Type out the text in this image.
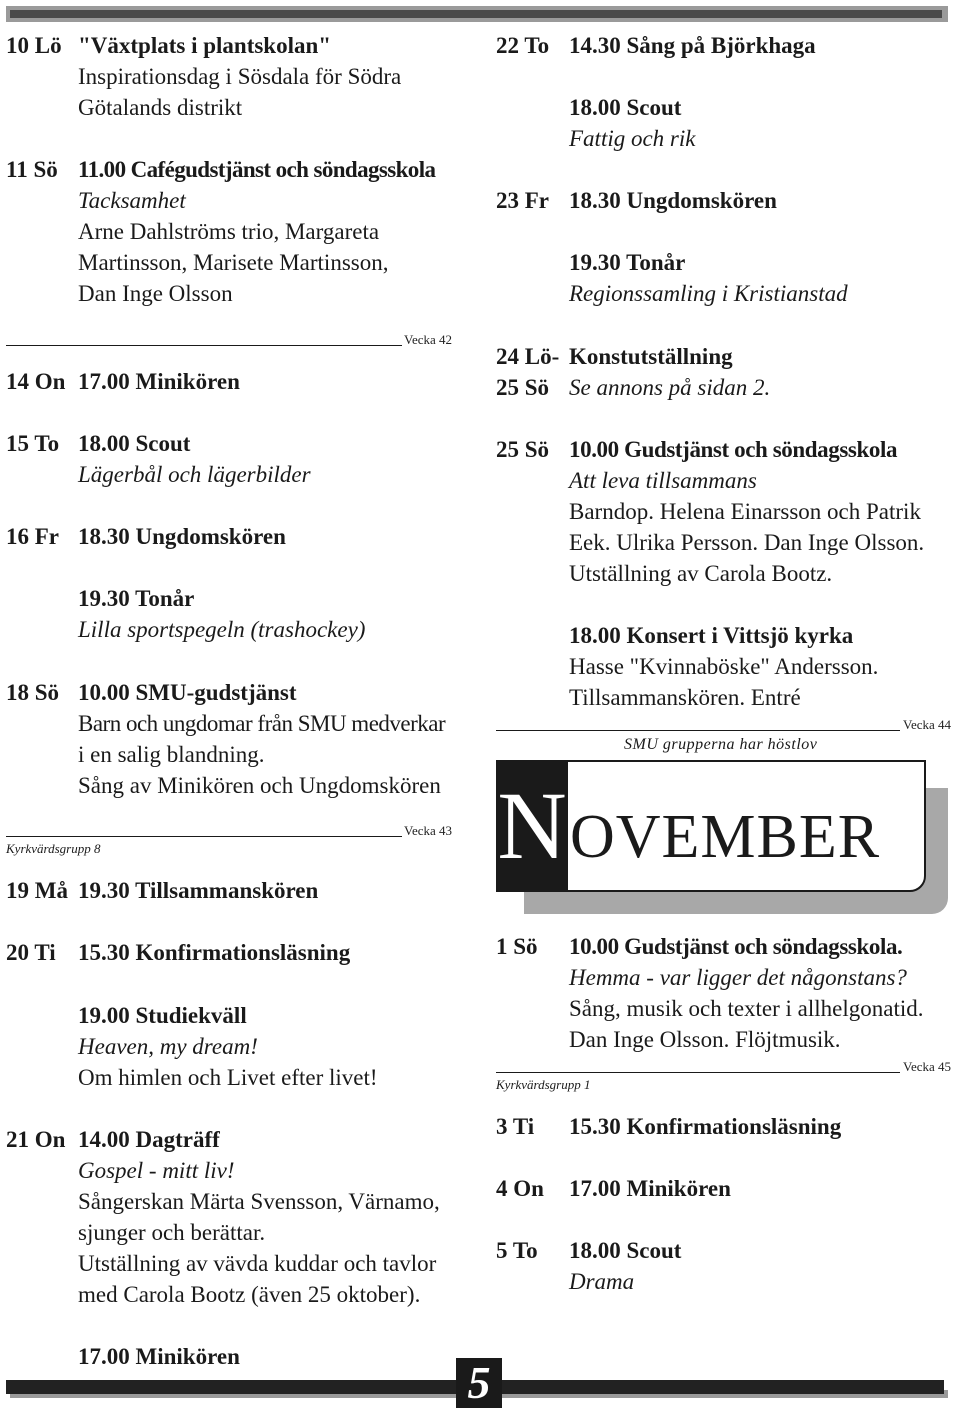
5
10 Lö "Växtplats i plantskolan"
Inspirationsdag i Sösdala för Södra
Götalands distrikt
11 Sö 11.00 Cafégudstjänst och söndagsskola
Tacksamhet
Arne Dahlströms trio, Margareta
Martinsson, Marisete Martinsson,
Dan Inge Olsson
Vecka 42
14 On 17.00 Minikören
15 To 18.00 Scout
Lägerbål och lägerbilder
16 Fr 18.30 Ungdomskören
19.30 Tonår
Lilla sportspegeln (trashockey)
18 Sö 10.00 SMU-gudstjänst
Barn och ungdomar från SMU medverkar
i en salig blandning.
Sång av Minikören och Ungdomskören
Vecka 43
Kyrkvärdsgrupp 8
19 Må 19.30 Tillsammanskören
20 Ti 15.30 Konfirmationsläsning
19.00 Studiekväll
Heaven, my dream!
Om himlen och Livet efter livet!
21 On 14.00 Dagträff
Gospel - mitt liv!
Sångerskan Märta Svensson, Värnamo,
sjunger och berättar.
Utställning av vävda kuddar och tavlor
med Carola Bootz (även 25 oktober).
17.00 Minikören
22 To 14.30 Sång på Björkhaga
18.00 Scout
Fattig och rik
23 Fr 18.30 Ungdomskören
19.30 Tonår
Regionssamling i Kristianstad
24 Lö-
25 Sö
Konstutställning
Se annons på sidan 2.
25 Sö 10.00 Gudstjänst och söndagsskola
Att leva tillsammans
Barndop. Helena Einarsson och Patrik
Eek. Ulrika Persson. Dan Inge Olsson.
Utställning av Carola Bootz.
18.00 Konsert i Vittsjö kyrka
Hasse "Kvinnaböske" Andersson.
Tillsammanskören. Entré
Vecka 44
SMU grupperna har höstlov
N OVEMBER
1 Sö 10.00 Gudstjänst och söndagsskola.
Hemma - var ligger det någonstans?
Sång, musik och texter i allhelgonatid.
Dan Inge Olsson. Flöjtmusik.
Vecka 45
Kyrkvärdsgrupp 1
3 Ti 15.30 Konfirmationsläsning
4 On 17.00 Minikören
5 To 18.00 Scout
Drama
